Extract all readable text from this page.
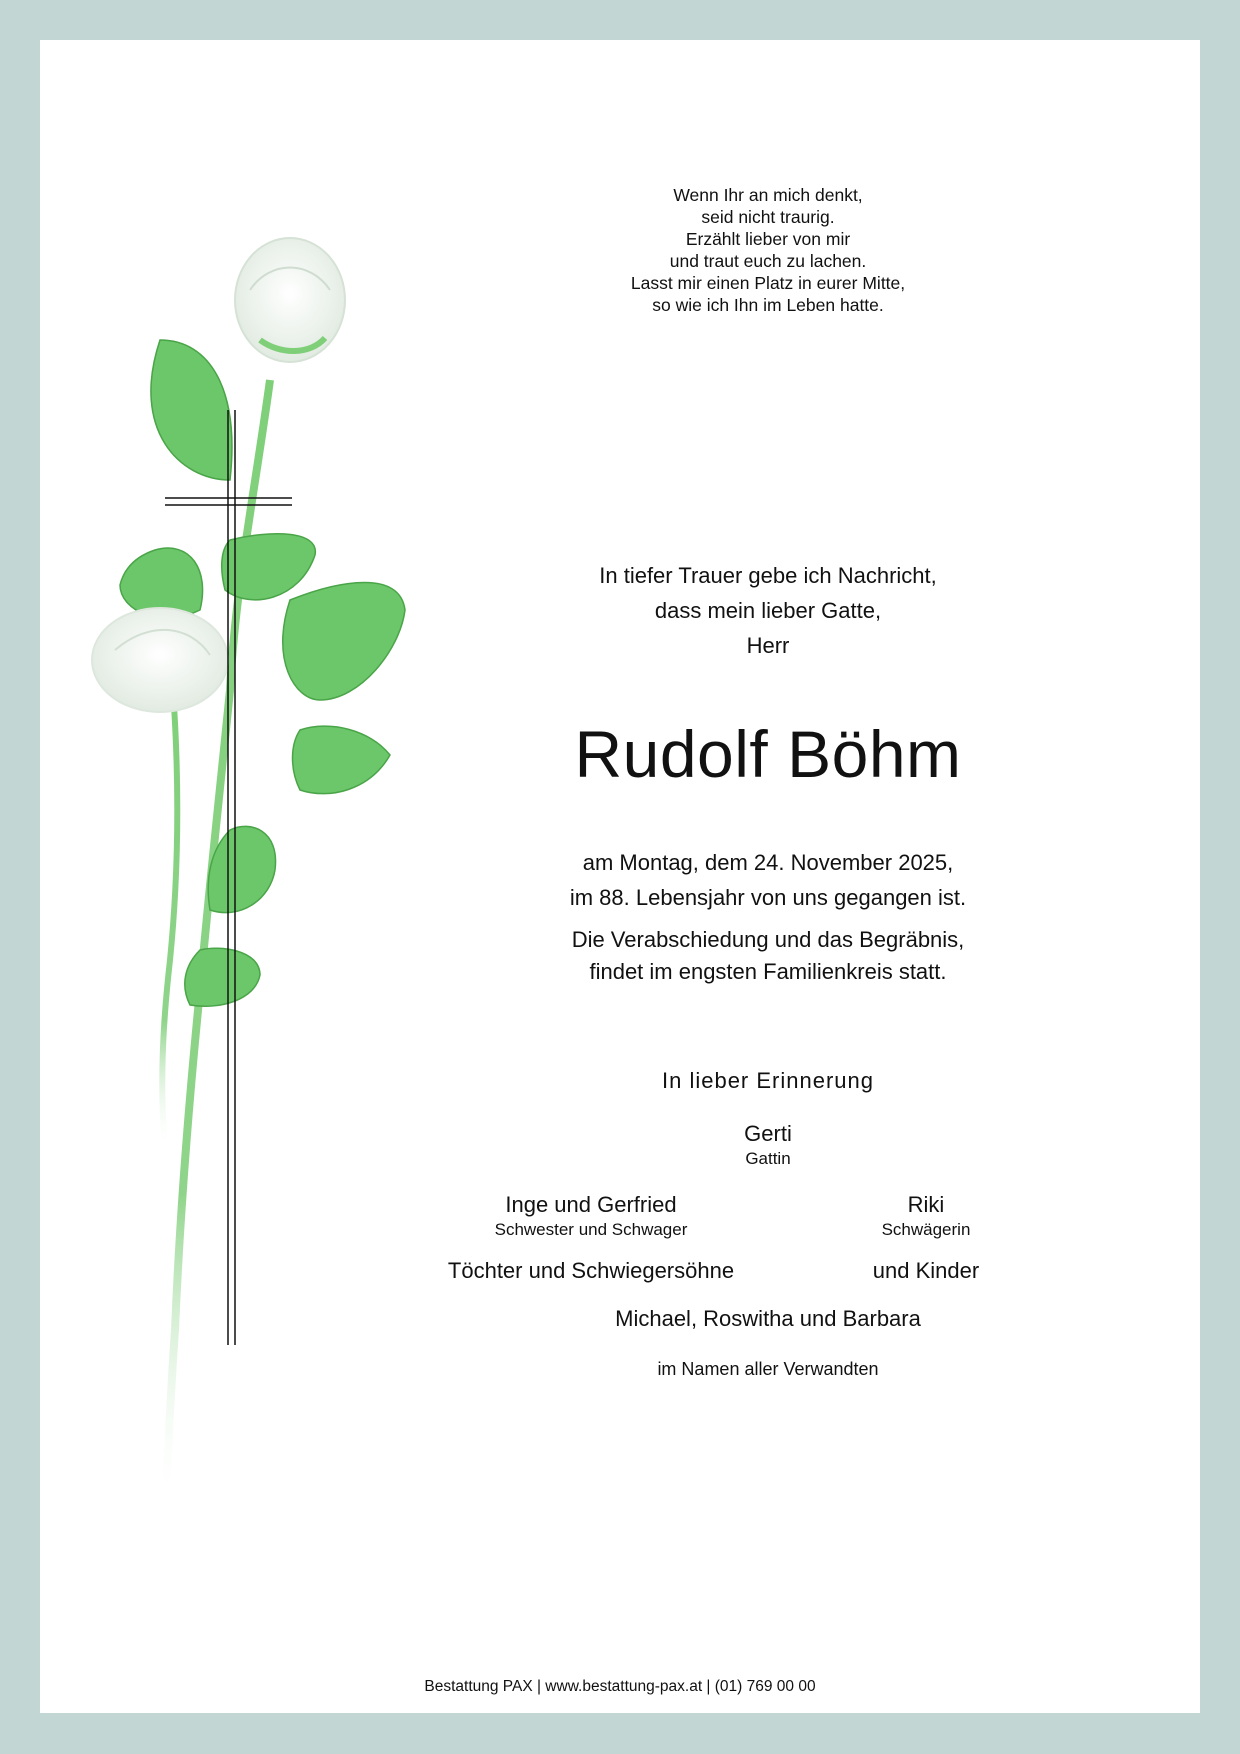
Wenn Ihr an mich denkt,
seid nicht traurig.
Erzählt lieber von mir
und traut euch zu lachen.
Lasst mir einen Platz in eurer Mitte,
so wie ich Ihn im Leben hatte.
In tiefer Trauer gebe ich Nachricht,
dass mein lieber Gatte,
Herr
Rudolf Böhm
am Montag, dem 24. November 2025,
im 88. Lebensjahr von uns gegangen ist.
Die Verabschiedung und das Begräbnis,
findet im engsten Familienkreis statt.
In lieber Erinnerung
Gerti
Gattin
Inge und Gerfried
Schwester und Schwager
Riki
Schwägerin
Töchter und Schwiegersöhne	und Kinder
Michael, Roswitha und Barbara
im Namen aller Verwandten
Bestattung PAX | www.bestattung-pax.at | (01) 769 00 00
